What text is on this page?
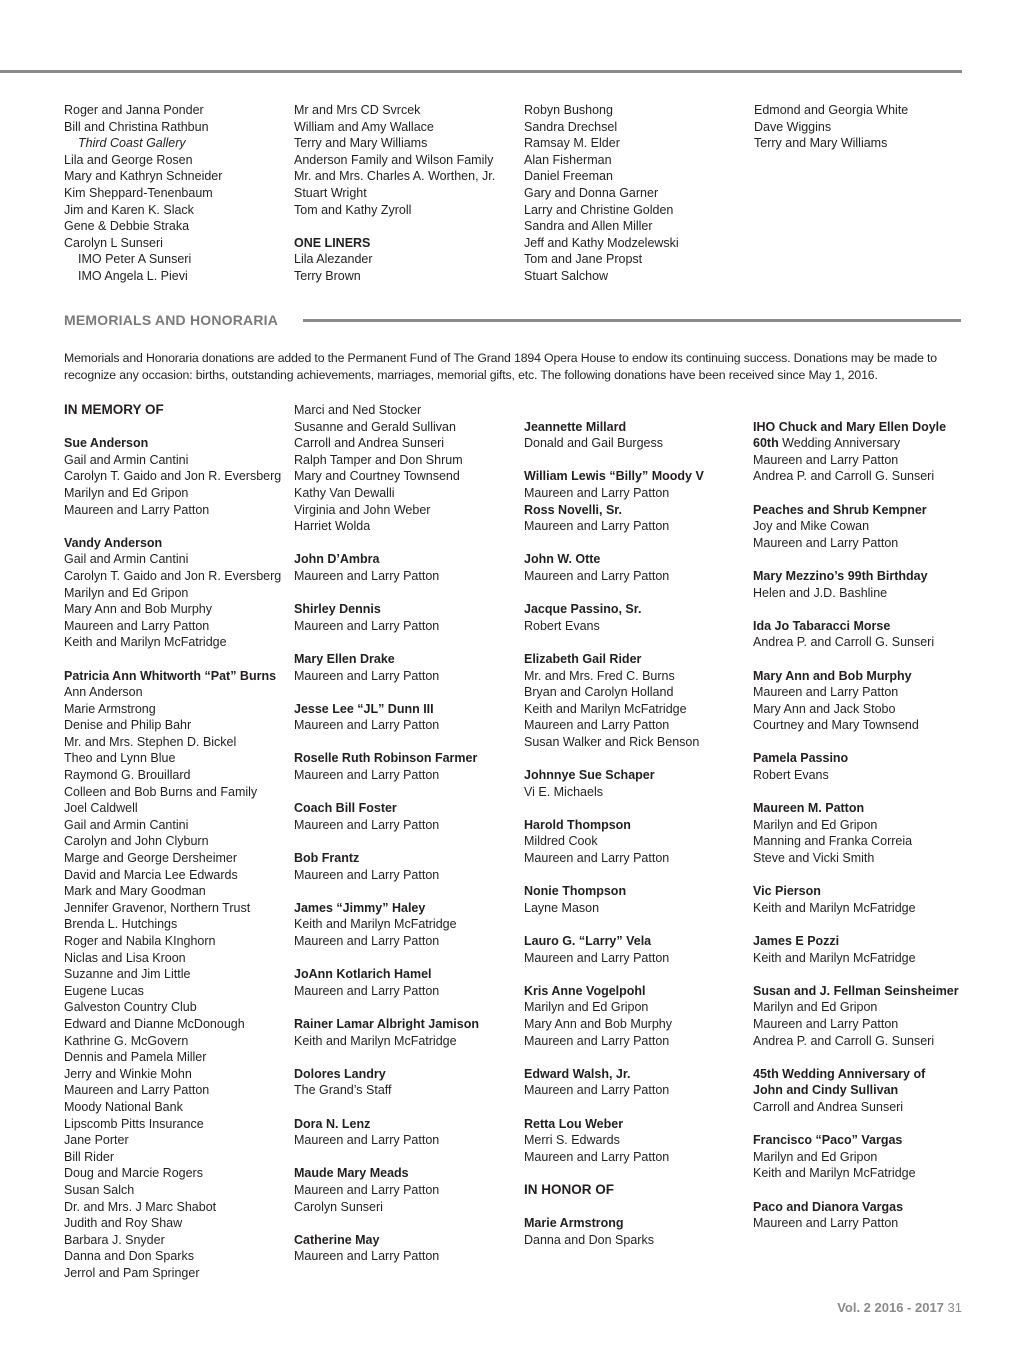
Roger and Janna Ponder
Bill and Christina Rathbun
Third Coast Gallery
Lila and George Rosen
Mary and Kathryn Schneider
Kim Sheppard-Tenenbaum
Jim and Karen K. Slack
Gene & Debbie Straka
Carolyn L Sunseri
IMO Peter A Sunseri
IMO Angela L. Pievi
Mr and Mrs CD Svrcek
William and Amy Wallace
Terry and Mary Williams
Anderson Family and Wilson Family
Mr. and Mrs. Charles A. Worthen, Jr.
Stuart Wright
Tom and Kathy Zyroll
ONE LINERS
Lila Alezander
Terry Brown
Robyn Bushong
Sandra Drechsel
Ramsay M. Elder
Alan Fisherman
Daniel Freeman
Gary and Donna Garner
Larry and Christine Golden
Sandra and Allen Miller
Jeff and Kathy Modzelewski
Tom and Jane Propst
Stuart Salchow
Edmond and Georgia White
Dave Wiggins
Terry and Mary Williams
MEMORIALS AND HONORARIA

Memorials and Honoraria donations are added to the Permanent Fund of The Grand 1894 Opera House to endow its continuing success. Donations may be made to

recognize any occasion: births, outstanding achievements, marriages, memorial gifts, etc. The following donations have been received since May 1, 2016.

IN MEMORY OF
Sue Anderson
Gail and Armin Cantini
Carolyn T. Gaido and Jon R. Eversberg
Marilyn and Ed Gripon
Maureen and Larry Patton
Vandy Anderson
Gail and Armin Cantini
Carolyn T. Gaido and Jon R. Eversberg
Marilyn and Ed Gripon
Mary Ann and Bob Murphy
Maureen and Larry Patton
Keith and Marilyn McFatridge
Patricia Ann Whitworth “Pat” Burns
Ann Anderson
Marie Armstrong
Denise and Philip Bahr
Mr. and Mrs. Stephen D. Bickel
Theo and Lynn Blue
Raymond G. Brouillard
Colleen and Bob Burns and Family
Joel Caldwell
Gail and Armin Cantini
Carolyn and John Clyburn
Marge and George Dersheimer
David and Marcia Lee Edwards
Mark and Mary Goodman
Jennifer Gravenor, Northern Trust
Brenda L. Hutchings
Roger and Nabila KInghorn
Niclas and Lisa Kroon
Suzanne and Jim Little
Eugene Lucas
Galveston Country Club
Edward and Dianne McDonough
Kathrine G. McGovern
Dennis and Pamela Miller
Jerry and Winkie Mohn
Maureen and Larry Patton
Moody National Bank
Lipscomb Pitts Insurance
Jane Porter
Bill Rider
Doug and Marcie Rogers
Susan Salch
Dr. and Mrs. J Marc Shabot
Judith and Roy Shaw
Barbara J. Snyder
Danna and Don Sparks
Jerrol and Pam Springer
Marci and Ned Stocker
Susanne and Gerald Sullivan
Carroll and Andrea Sunseri
Ralph Tamper and Don Shrum
Mary and Courtney Townsend
Kathy Van Dewalli
Virginia and John Weber
Harriet Wolda
John D’Ambra
Maureen and Larry Patton
Shirley Dennis
Maureen and Larry Patton
Mary Ellen Drake
Maureen and Larry Patton
Jesse Lee “JL” Dunn III
Maureen and Larry Patton
Roselle Ruth Robinson Farmer
Maureen and Larry Patton
Coach Bill Foster
Maureen and Larry Patton
Bob Frantz
Maureen and Larry Patton
James “Jimmy” Haley
Keith and Marilyn McFatridge
Maureen and Larry Patton
JoAnn Kotlarich Hamel
Maureen and Larry Patton
Rainer Lamar Albright Jamison
Keith and Marilyn McFatridge
Dolores Landry
The Grand’s Staff
Dora N. Lenz
Maureen and Larry Patton
Maude Mary Meads
Maureen and Larry Patton
Carolyn Sunseri
Catherine May
Maureen and Larry Patton
Jeannette Millard
Donald and Gail Burgess
William Lewis “Billy” Moody V
Maureen and Larry Patton
Ross Novelli, Sr.
Maureen and Larry Patton
John W. Otte
Maureen and Larry Patton
Jacque Passino, Sr.
Robert Evans
Elizabeth Gail Rider
Mr. and Mrs. Fred C. Burns
Bryan and Carolyn Holland
Keith and Marilyn McFatridge
Maureen and Larry Patton
Susan Walker and Rick Benson
Johnnye Sue Schaper
Vi E. Michaels
Harold Thompson
Mildred Cook
Maureen and Larry Patton
Nonie Thompson
Layne Mason
Lauro G. “Larry” Vela
Maureen and Larry Patton
Kris Anne Vogelpohl
Marilyn and Ed Gripon
Mary Ann and Bob Murphy
Maureen and Larry Patton
Edward Walsh, Jr.
Maureen and Larry Patton
Retta Lou Weber
Merri S. Edwards
Maureen and Larry Patton
IN HONOR OF
Marie Armstrong
Danna and Don Sparks
IHO Chuck and Mary Ellen Doyle
60th Wedding Anniversary
Maureen and Larry Patton
Andrea P. and Carroll G. Sunseri
Peaches and Shrub Kempner
Joy and Mike Cowan
Maureen and Larry Patton
Mary Mezzino’s 99th Birthday
Helen and J.D. Bashline
Ida Jo Tabaracci Morse
Andrea P. and Carroll G. Sunseri
Mary Ann and Bob Murphy
Maureen and Larry Patton
Mary Ann and Jack Stobo
Courtney and Mary Townsend
Pamela Passino
Robert Evans
Maureen M. Patton
Marilyn and Ed Gripon
Manning and Franka Correia
Steve and Vicki Smith
Vic Pierson
Keith and Marilyn McFatridge
James E Pozzi
Keith and Marilyn McFatridge
Susan and J. Fellman Seinsheimer
Marilyn and Ed Gripon
Maureen and Larry Patton
Andrea P. and Carroll G. Sunseri
45th Wedding Anniversary of
John and Cindy Sullivan
Carroll and Andrea Sunseri
Francisco “Paco” Vargas
Marilyn and Ed Gripon
Keith and Marilyn McFatridge
Paco and Dianora Vargas
Maureen and Larry Patton
Vol. 2 2016 - 2017 31
